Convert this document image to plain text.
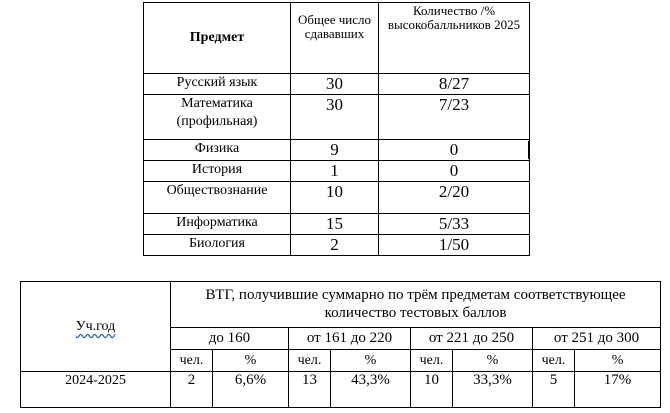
Предмет	Общее число сдававших	Количество /% высокобалльников 2025
Русский язык	30	8/27
Математика (профильная)	30	7/23
Физика	9	0
История	1	0
Обществознание	10	2/20
Информатика	15	5/33
Биология	2	1/50
Уч.год	ВТГ, получившие суммарно по трём предметам соответствующее количество тестовых баллов							
	до 160		от 161 до 220		от 221 до 250		от 251 до 300	
	чел.	%	чел.	%	чел.	%	чел.	%
2024-2025	2	6,6%	13	43,3%	10	33,3%	5	17%
